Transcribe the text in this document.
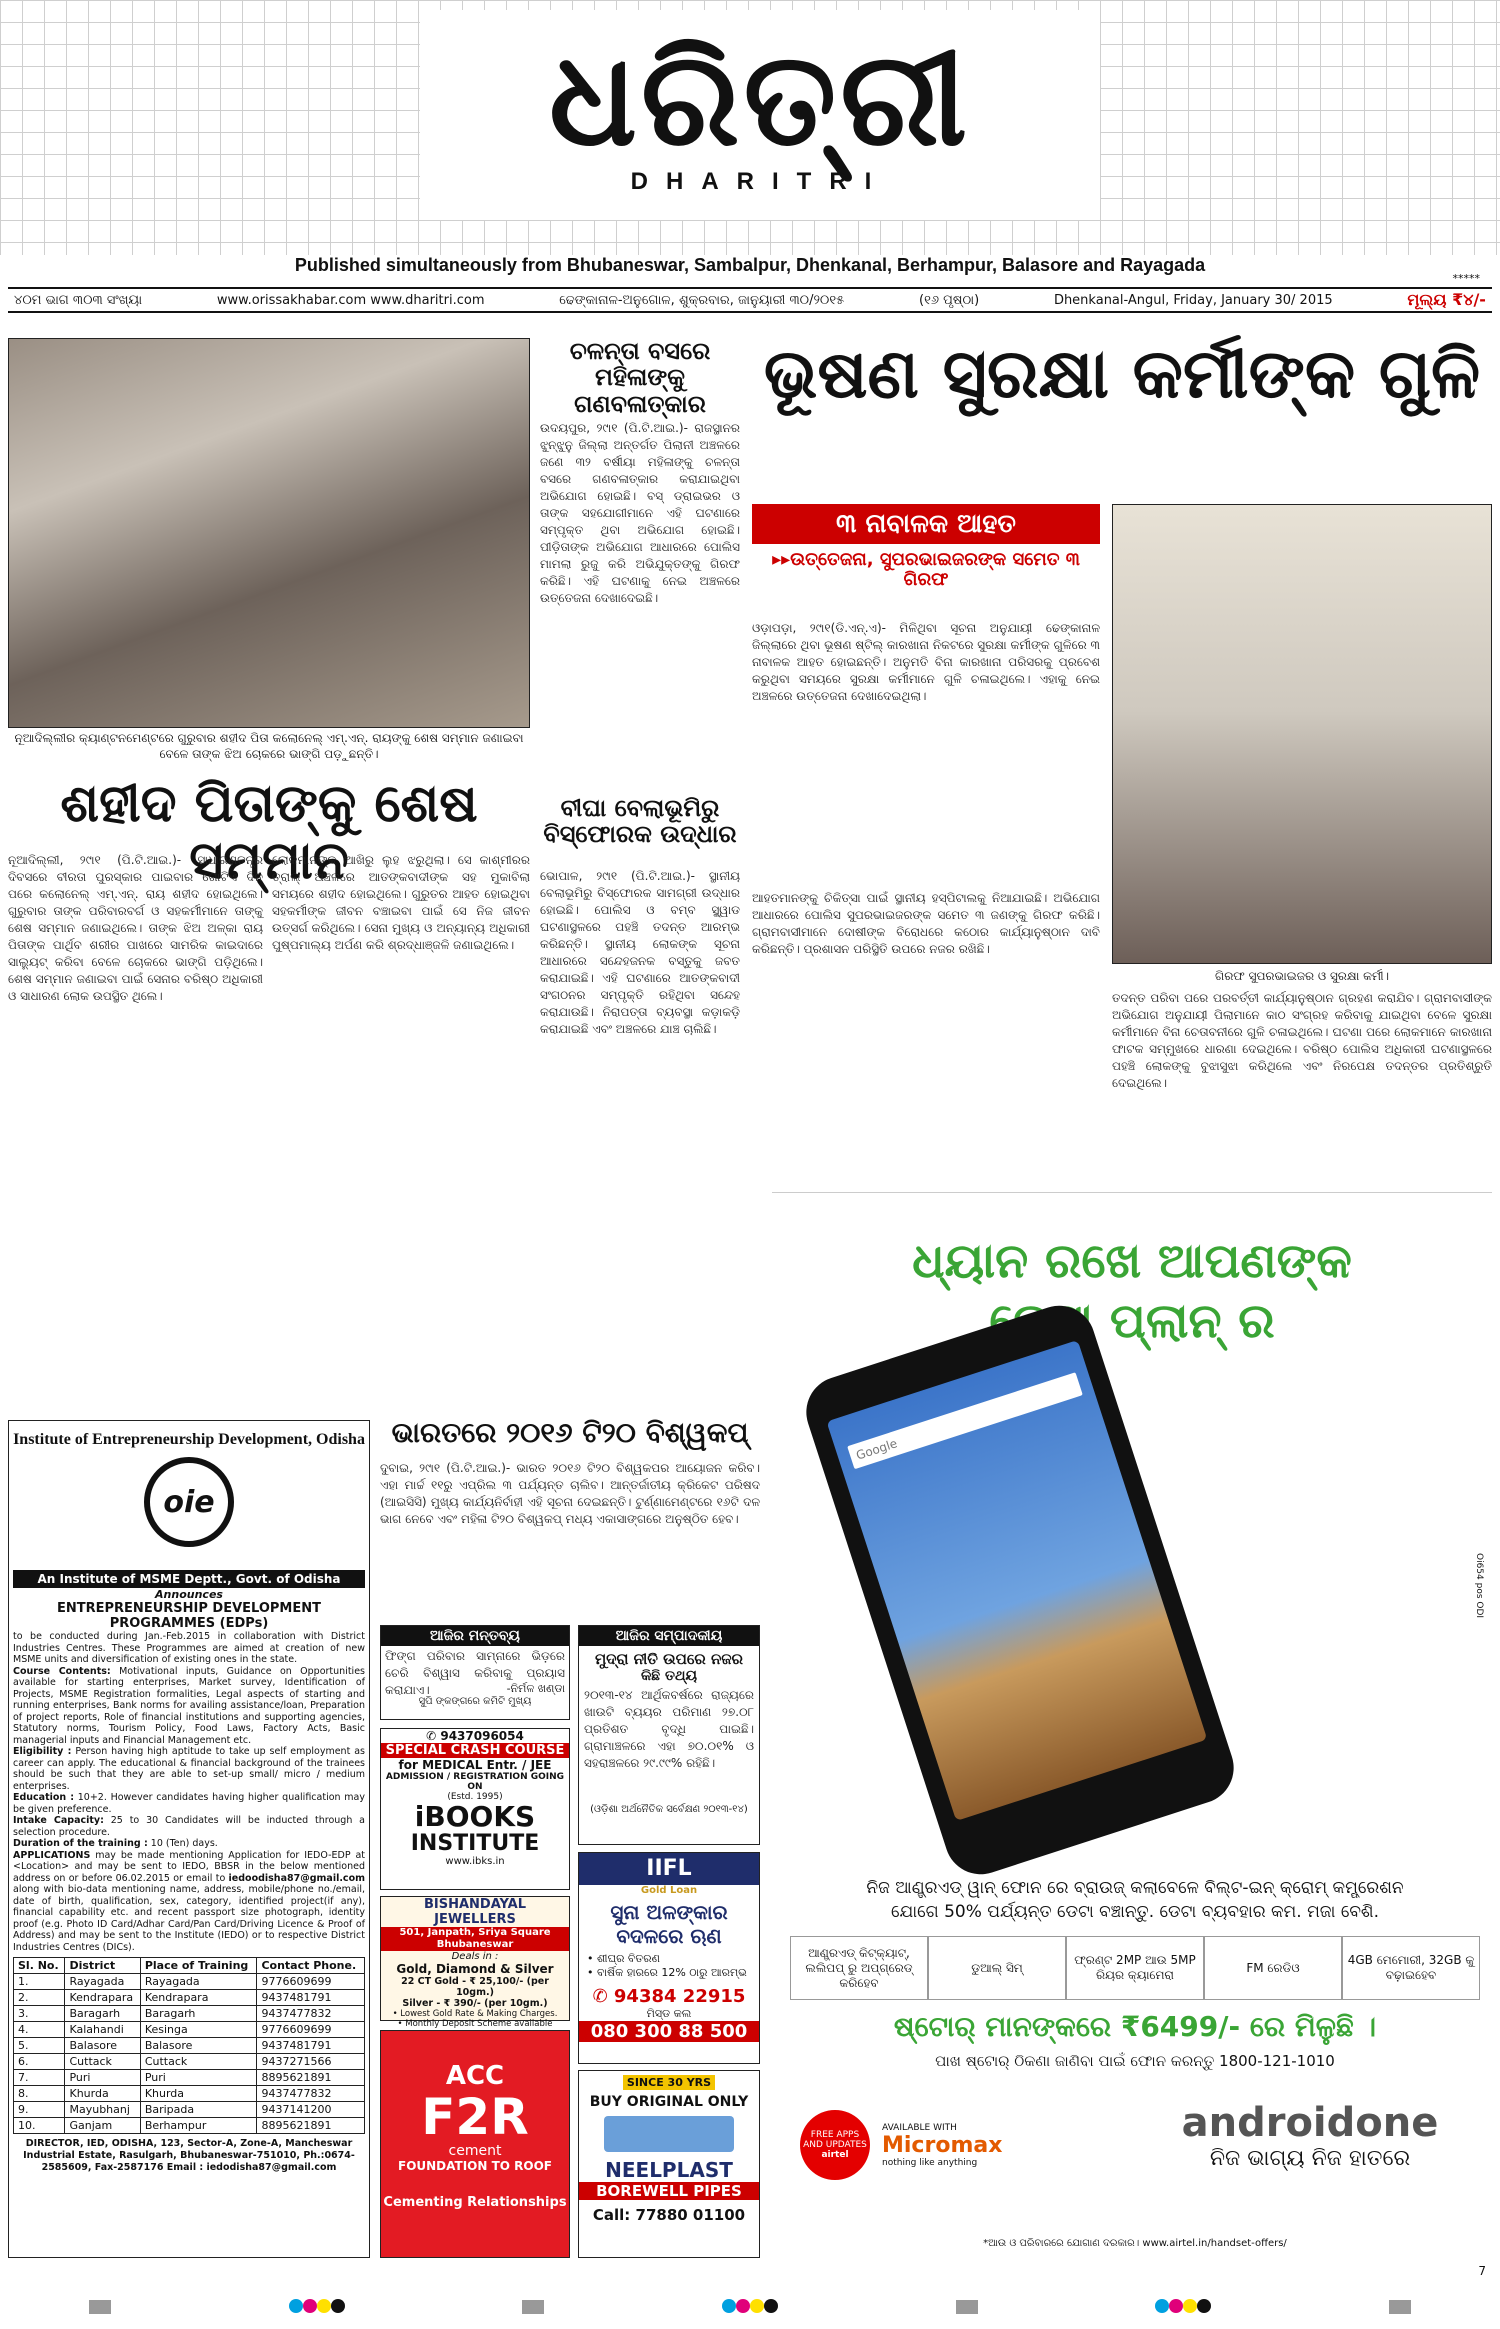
ଧରିତ୍ରୀ
DHARITRI
Published simultaneously from Bhubaneswar, Sambalpur, Dhenkanal, Berhampur, Balasore and Rayagada
*****
୪୦ମ ଭାଗ ୩୦୩ ସଂଖ୍ୟା	www.orissakhabar.com www.dharitri.com	ଢେଙ୍କାନାଳ-ଅନୁଗୋଳ, ଶୁକ୍ରବାର, ଜାନୁୟାରୀ ୩୦/୨୦୧୫	(୧୬ ପୃଷ୍ଠା)	Dhenkanal-Angul, Friday, January 30/ 2015	ମୂଲ୍ୟ ₹୪/-
ନୂଆଦିଲ୍ଲୀର କ୍ୟାଣ୍ଟନମେଣ୍ଟରେ ଗୁରୁବାର ଶହୀଦ ପିତା କଲୋନେଲ୍ ଏମ୍.ଏନ୍. ରାୟଙ୍କୁ ଶେଷ ସମ୍ମାନ ଜଣାଇବା ବେଳେ ତାଙ୍କ ଝିଅ ଚୋକରେ ଭାଙ୍ଗି ପଡ଼ୁଛନ୍ତି।
ଶହୀଦ ପିତାଙ୍କୁ ଶେଷ ସମ୍ମାନ
ନୂଆଦିଲ୍ଲୀ, ୨୯ା୧ (ପି.ଟି.ଆଇ.)- ସାଧାରଣତନ୍ତ୍ର ଦିବସରେ ବୀରତା ପୁରସ୍କାର ପାଇବାର ଗୋଟିଏ ଦିନ ପରେ କଲୋନେଲ୍ ଏମ୍.ଏନ୍. ରାୟ ଶହୀଦ ହୋଇଥିଲେ। ଗୁରୁବାର ତାଙ୍କ ପରିବାରବର୍ଗ ଓ ସହକର୍ମୀମାନେ ତାଙ୍କୁ ଶେଷ ସମ୍ମାନ ଜଣାଇଥିଲେ। ତାଙ୍କ ଝିଅ ଅଳ୍କା ରାୟ ପିତାଙ୍କ ପାର୍ଥିବ ଶରୀର ପାଖରେ ସାମରିକ କାଇଦାରେ ସାଲ୍ୟୁଟ୍ କରିବା ବେଳେ ଚୋକରେ ଭାଙ୍ଗି ପଡ଼ିଥିଲେ। ଶେଷ ସମ୍ମାନ ଜଣାଇବା ପାଇଁ ସେନାର ବରିଷ୍ଠ ଅଧିକାରୀ ଓ ସାଧାରଣ ଲୋକ ଉପସ୍ଥିତ ଥିଲେ।
ଲୋକମାନଙ୍କ ଆଖିରୁ ଲୁହ ଝରୁଥିଲା। ସେ କାଶ୍ମୀରର ତ୍ରାଲ୍ ଅଞ୍ଚଳରେ ଆତଙ୍କବାଦୀଙ୍କ ସହ ମୁକାବିଲା ସମୟରେ ଶହୀଦ ହୋଇଥିଲେ। ଗୁରୁତର ଆହତ ହୋଇଥିବା ସହକର୍ମୀଙ୍କ ଜୀବନ ବଞ୍ଚାଇବା ପାଇଁ ସେ ନିଜ ଜୀବନ ଉତ୍ସର୍ଗ କରିଥିଲେ। ସେନା ମୁଖ୍ୟ ଓ ଅନ୍ୟାନ୍ୟ ଅଧିକାରୀ ପୁଷ୍ପମାଲ୍ୟ ଅର୍ପଣ କରି ଶ୍ରଦ୍ଧାଞ୍ଜଳି ଜଣାଇଥିଲେ।
ଚଳନ୍ତା ବସରେ ମହିଳାଙ୍କୁ ଗଣବଳାତ୍କାର
ଉଦୟପୁର, ୨୯ା୧ (ପି.ଟି.ଆଇ.)- ରାଜସ୍ଥାନର ଝୁନ୍ଝୁନୁ ଜିଲ୍ଲା ଅନ୍ତର୍ଗତ ପିଲାନୀ ଅଞ୍ଚଳରେ ଜଣେ ୩୨ ବର୍ଷୀୟା ମହିଳାଙ୍କୁ ଚଳନ୍ତା ବସରେ ଗଣବଳାତ୍କାର କରାଯାଇଥିବା ଅଭିଯୋଗ ହୋଇଛି। ବସ୍ ଡ୍ରାଇଭର ଓ ତାଙ୍କ ସହଯୋଗୀମାନେ ଏହି ଘଟଣାରେ ସମ୍ପୃକ୍ତ ଥିବା ଅଭିଯୋଗ ହୋଇଛି। ପୀଡ଼ିତାଙ୍କ ଅଭିଯୋଗ ଆଧାରରେ ପୋଲିସ ମାମଲା ରୁଜୁ କରି ଅଭିଯୁକ୍ତଙ୍କୁ ଗିରଫ କରିଛି। ଏହି ଘଟଣାକୁ ନେଇ ଅଞ୍ଚଳରେ ଉତ୍ତେଜନା ଦେଖାଦେଇଛି।
ବୀଘା ବେଲାଭୂମିରୁ ବିସ୍ଫୋରକ ଉଦ୍ଧାର
ଭୋପାଳ, ୨୯ା୧ (ପି.ଟି.ଆଇ.)- ସ୍ଥାନୀୟ ବେଲାଭୂମିରୁ ବିସ୍ଫୋରକ ସାମଗ୍ରୀ ଉଦ୍ଧାର ହୋଇଛି। ପୋଲିସ ଓ ବମ୍ବ ସ୍କ୍ୱାଡ ଘଟଣାସ୍ଥଳରେ ପହଞ୍ଚି ତଦନ୍ତ ଆରମ୍ଭ କରିଛନ୍ତି। ସ୍ଥାନୀୟ ଲୋକଙ୍କ ସୂଚନା ଆଧାରରେ ସନ୍ଦେହଜନକ ବସ୍ତୁକୁ ଜବତ କରାଯାଇଛି। ଏହି ଘଟଣାରେ ଆତଙ୍କବାଦୀ ସଂଗଠନର ସମ୍ପୃକ୍ତି ରହିଥିବା ସନ୍ଦେହ କରାଯାଉଛି। ନିରାପତ୍ତା ବ୍ୟବସ୍ଥା କଡ଼ାକଡ଼ି କରାଯାଇଛି ଏବଂ ଅଞ୍ଚଳରେ ଯାଞ୍ଚ ଚାଲିଛି।
ଭୂଷଣ ସୁରକ୍ଷା କର୍ମୀଙ୍କ ଗୁଳି
୩ ନାବାଳକ ଆହତ
▸▸ଉତ୍ତେଜନା, ସୁପରଭାଇଜରଙ୍କ ସମେତ ୩ ଗିରଫ
ଓଡ଼ାପଡ଼ା, ୨୯ା୧(ଡି.ଏନ୍.ଏ)- ମିଳିଥିବା ସୂଚନା ଅନୁଯାୟୀ ଢେଙ୍କାନାଳ ଜିଲ୍ଲାରେ ଥିବା ଭୂଷଣ ଷ୍ଟିଲ୍ କାରଖାନା ନିକଟରେ ସୁରକ୍ଷା କର୍ମୀଙ୍କ ଗୁଳିରେ ୩ ନାବାଳକ ଆହତ ହୋଇଛନ୍ତି। ଅନୁମତି ବିନା କାରଖାନା ପରିସରକୁ ପ୍ରବେଶ କରୁଥିବା ସମୟରେ ସୁରକ୍ଷା କର୍ମୀମାନେ ଗୁଳି ଚଳାଇଥିଲେ। ଏହାକୁ ନେଇ ଅଞ୍ଚଳରେ ଉତ୍ତେଜନା ଦେଖାଦେଇଥିଲା।
ଆହତମାନଙ୍କୁ ଚିକିତ୍ସା ପାଇଁ ସ୍ଥାନୀୟ ହସ୍ପିଟାଲକୁ ନିଆଯାଇଛି। ଅଭିଯୋଗ ଆଧାରରେ ପୋଲିସ ସୁପରଭାଇଜରଙ୍କ ସମେତ ୩ ଜଣଙ୍କୁ ଗିରଫ କରିଛି। ଗ୍ରାମବାସୀମାନେ ଦୋଷୀଙ୍କ ବିରୋଧରେ କଠୋର କାର୍ଯ୍ୟାନୁଷ୍ଠାନ ଦାବି କରିଛନ୍ତି। ପ୍ରଶାସନ ପରିସ୍ଥିତି ଉପରେ ନଜର ରଖିଛି।
ଗିରଫ ସୁପରଭାଇଜର ଓ ସୁରକ୍ଷା କର୍ମୀ।
ତଦନ୍ତ ପରିବା ପରେ ପରବର୍ତ୍ତୀ କାର୍ଯ୍ୟାନୁଷ୍ଠାନ ଗ୍ରହଣ କରାଯିବ। ଗ୍ରାମବାସୀଙ୍କ ଅଭିଯୋଗ ଅନୁଯାୟୀ ପିଲାମାନେ କାଠ ସଂଗ୍ରହ କରିବାକୁ ଯାଇଥିବା ବେଳେ ସୁରକ୍ଷା କର୍ମୀମାନେ ବିନା ଚେତାବନୀରେ ଗୁଳି ଚଳାଇଥିଲେ। ଘଟଣା ପରେ ଲୋକମାନେ କାରଖାନା ଫାଟକ ସମ୍ମୁଖରେ ଧାରଣା ଦେଇଥିଲେ। ବରିଷ୍ଠ ପୋଲିସ ଅଧିକାରୀ ଘଟଣାସ୍ଥଳରେ ପହଞ୍ଚି ଲୋକଙ୍କୁ ବୁଝାସୁଝା କରିଥିଲେ ଏବଂ ନିରପେକ୍ଷ ତଦନ୍ତର ପ୍ରତିଶ୍ରୁତି ଦେଇଥିଲେ।
ଭାରତରେ ୨୦୧୬ ଟି୨୦ ବିଶ୍ୱକପ୍
ଦୁବାଇ, ୨୯ା୧ (ପି.ଟି.ଆଇ.)- ଭାରତ ୨୦୧୬ ଟି୨୦ ବିଶ୍ୱକପର ଆୟୋଜନ କରିବ। ଏହା ମାର୍ଚ୍ଚ ୧୧ରୁ ଏପ୍ରିଲ ୩ ପର୍ଯ୍ୟନ୍ତ ଚାଲିବ। ଆନ୍ତର୍ଜାତୀୟ କ୍ରିକେଟ ପରିଷଦ (ଆଇସିସି) ମୁଖ୍ୟ କାର୍ଯ୍ୟନିର୍ବାହୀ ଏହି ସୂଚନା ଦେଇଛନ୍ତି। ଟୁର୍ଣ୍ଣାମେଣ୍ଟରେ ୧୬ଟି ଦଳ ଭାଗ ନେବେ ଏବଂ ମହିଳା ଟି୨୦ ବିଶ୍ୱକପ୍ ମଧ୍ୟ ଏକାସାଙ୍ଗରେ ଅନୁଷ୍ଠିତ ହେବ।
ଆଜିର ମନ୍ତବ୍ୟ
ଫିଙ୍ଗ ପରିବାର ସାମ୍ନାରେ ଭିଡ଼ରେ ଚେରି ବିଶ୍ୱାସ କରିବାକୁ ପ୍ରୟାସ କରାଯାଏ।	-ନିର୍ମଳ ଖଣ୍ଡା
ସୁପି ଙ୍କଙ୍ଗରେ କମିଟି ମୁଖ୍ୟ
ଆଜିର ସମ୍ପାଦକୀୟ
ମୁଦ୍ରା ନୀତି ଉପରେ ନଜର
କିଛି ତଥ୍ୟ
୨୦୧୩-୧୪ ଆର୍ଥିକବର୍ଷରେ ରାଜ୍ୟରେ ଖାଉଟି ବ୍ୟୟର ପରିମାଣ ୨୭.୦୮ ପ୍ରତିଶତ ବୃଦ୍ଧି ପାଇଛି। ଗ୍ରାମାଞ୍ଚଳରେ ଏହା ୭୦.୦୧% ଓ ସହରାଞ୍ଚଳରେ ୨୯.୯୯% ରହିଛି।
(ଓଡ଼ିଶା ଅର୍ଥନୈତିକ ସର୍ବେକ୍ଷଣ ୨୦୧୩-୧୪)
Institute of Entrepreneurship Development, Odisha
oie
An Institute of MSME Deptt., Govt. of Odisha
Announces
ENTREPRENEURSHIP DEVELOPMENT PROGRAMMES (EDPs)
to be conducted during Jan.-Feb.2015 in collaboration with District Industries Centres. These Programmes are aimed at creation of new MSME units and diversification of existing ones in the state.
Course Contents: Motivational inputs, Guidance on Opportunities available for starting enterprises, Market survey, Identification of Projects, MSME Registration formalities, Legal aspects of starting and running enterprises, Bank norms for availing assistance/loan, Preparation of project reports, Role of financial institutions and supporting agencies, Statutory norms, Tourism Policy, Food Laws, Factory Acts, Basic managerial inputs and Financial Management etc.
Eligibility : Person having high aptitude to take up self employment as career can apply. The educational & financial background of the trainees should be such that they are able to set-up small/ micro / medium enterprises.
Education : 10+2. However candidates having higher qualification may be given preference.
Intake Capacity: 25 to 30 Candidates will be inducted through a selection procedure.
Duration of the training : 10 (Ten) days.
APPLICATIONS may be made mentioning Application for IEDO-EDP at <Location> and may be sent to IEDO, BBSR in the below mentioned address on or before 06.02.2015 or email to iedoodisha87@gmail.com along with bio-data mentioning name, address, mobile/phone no./email, date of birth, qualification, sex, category, identified project(if any), financial capability etc. and recent passport size photograph, identity proof (e.g. Photo ID Card/Adhar Card/Pan Card/Driving Licence & Proof of Address) and may be sent to the Institute (IEDO) or to respective District Industries Centres (DICs).
Sl. No.	District	Place of Training	Contact Phone.
1.	Rayagada	Rayagada	9776609699
2.	Kendrapara	Kendrapara	9437481791
3.	Baragarh	Baragarh	9437477832
4.	Kalahandi	Kesinga	9776609699
5.	Balasore	Balasore	9437481791
6.	Cuttack	Cuttack	9437271566
7.	Puri	Puri	8895621891
8.	Khurda	Khurda	9437477832
9.	Mayubhanj	Baripada	9437141200
10.	Ganjam	Berhampur	8895621891
DIRECTOR, IED, ODISHA, 123, Sector-A, Zone-A, Mancheswar Industrial Estate, Rasulgarh, Bhubaneswar-751010, Ph.:0674-2585609, Fax-2587176 Email : iedodisha87@gmail.com
✆ 9437096054
SPECIAL CRASH COURSE
for MEDICAL Entr. / JEE
ADMISSION / REGISTRATION GOING ON
(Estd. 1995)
iBOOKS
INSTITUTE
www.ibks.in
BISHANDAYAL JEWELLERS
501, Janpath, Sriya Square Bhubaneswar
Deals in :
Gold, Diamond & Silver
22 CT Gold - ₹ 25,100/- (per 10gm.)
Silver - ₹ 390/- (per 10gm.)
• Lowest Gold Rate & Making Charges.
• Monthly Deposit Scheme available
ACC
F2R
cement
FOUNDATION TO ROOF
Cementing Relationships
IIFL
Gold Loan
ସୁନା ଅଳଙ୍କାର ବଦଳରେ ଋଣ
• ଶୀଘ୍ର ବିତରଣ
• ବାର୍ଷିକ ହାରରେ 12% ଠାରୁ ଆରମ୍ଭ
✆ 94384 22915
ମିସ୍ଡ କଲ
080 300 88 500
SINCE 30 YRS
BUY ORIGINAL ONLY
NEELPLAST
BOREWELL PIPES
Call: 77880 01100
ଧ୍ୟାନ ରଖେ ଆପଣଙ୍କ
ଡେଟା ପ୍ଲାନ୍ ର
Oi654 pos ODI
Google
ନିଜ ଆଣ୍ଡ୍ରଏଡ୍ ୱାନ୍ ଫୋନ ରେ ବ୍ରାଉଜ୍ କଲାବେଳେ ବିଲ୍ଟ-ଇନ୍ କ୍ରୋମ୍ କମ୍ପ୍ରେଶନ
ଯୋଗେ 50% ପର୍ଯ୍ୟନ୍ତ ଡେଟା ବଞ୍ଚାନ୍ତୁ. ଡେଟା ବ୍ୟବହାର କମ. ମଜା ବେଶି.
ଆଣ୍ଡ୍ରଏଡ୍ କିଟ୍‌କ୍ୟାଟ୍, ଲଲିପପ୍ ରୁ ଅପ୍‌ଗ୍ରେଡ୍ କରିହେବ
ଡୁଆଲ୍ ସିମ୍
ଫ୍ରଣ୍ଟ 2MP ଆଉ 5MP ରିୟର କ୍ୟାମେରା
FM ରେଡିଓ
4GB ମେମୋରୀ, 32GB କୁ ବଢ଼ାଇହେବ
ଷ୍ଟୋର୍ ମାନଙ୍କରେ ₹6499/- ରେ ମିଳୁଛି ।
ପାଖ ଷ୍ଟୋର୍ ଠିକଣା ଜାଣିବା ପାଇଁ ଫୋନ କରନ୍ତୁ 1800-121-1010
FREE APPS AND UPDATES
airtel
AVAILABLE WITH
Micromax
nothing like anything
androidone
ନିଜ ଭାଗ୍ୟ ନିଜ ହାତରେ
*ଆଉ ଓ ପରିବାରରେ ଯୋଗାଣ ଦରକାର। www.airtel.in/handset-offers/
7
